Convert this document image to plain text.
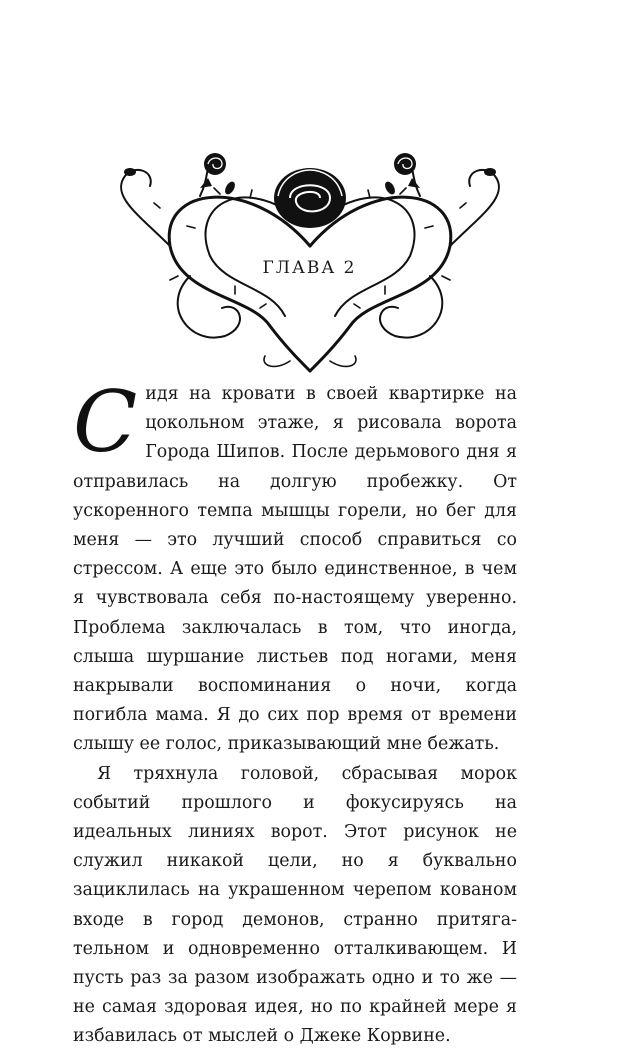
ГЛАВА 2

Сидя на кровати в своей квартирке на цокольном этаже, я рисовала ворота Города Шипов. После дерьмового дня я отправилась на долгую пробежку. От ускоренного темпа мышцы горели, но бег для меня — это лучший способ справиться со стрессом. А еще это было единственное, в чем я чувствовала себя по-настоящему уверенно. Проблема заключалась в том, что иногда, слыша шуршание листьев под ногами, меня накрывали воспоминания о ночи, когда погибла мама. Я до сих пор время от времени слышу ее голос, приказывающий мне бежать.

Я тряхнула головой, сбрасывая морок событий прошлого и фокусируясь на идеальных линиях ворот. Этот рисунок не служил никакой цели, но я буквально зациклилась на украшенном черепом кованом входе в город демонов, странно притягательном и одновременно отталкивающем. И пусть раз за разом изображать одно и то же — не самая здоровая идея, но по крайней мере я избавилась от мыслей о Джеке Корвине.
